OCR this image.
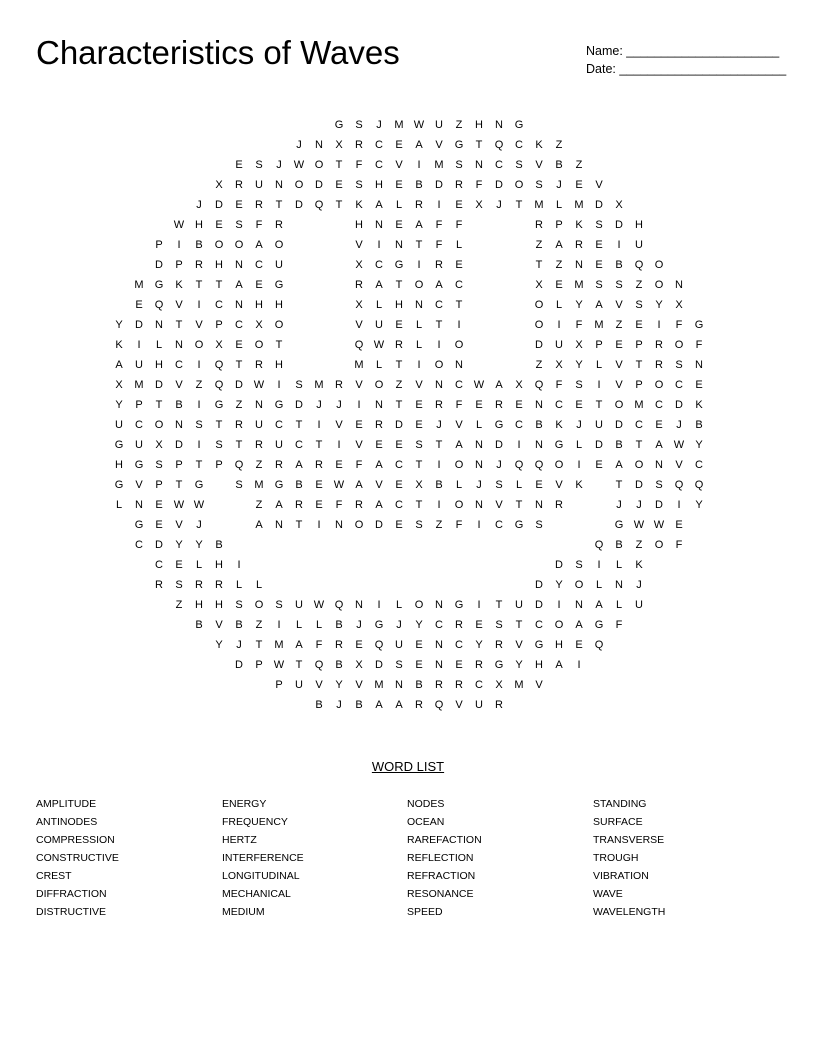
Characteristics of Waves	Name: ______________________
Date: ________________________
G	S	J	M W U	Z	H	N	G
J	N	X	R	C	E	A	V	G	T	Q	C	K	Z
E	S	J	W O	T	F	C	V	I	M	S	N	C	S	V	B	Z
X	R	U	N	O	D	E	S	H	E	B	D	R	F	D	O	S	J	E	V
J	D	E	R	T	D	Q	T	K	A	L	R	I	E	X	J	T	M	L	M	D	X
W H	E	S	F	R	H	N	E	A	F	F	R	P	K	S	D	H
P	I	B	O	O	A	O	V	I	N	T	F	L	Z	A	R	E	I	U
D	P	R	H	N	C	U	X	C	G	I	R	E	T	Z	N	E	B	Q	O
M	G	K	T	T	A	E	G	R	A	T	O	A	C	X	E	M	S	S	Z	O	N
E	Q	V	I	C	N	H	H	X	L	H	N	C	T	O	L	Y	A	V	S	Y	X
Y	D	N	T	V	P	C	X	O	V	U	E	L	T	I	O	I	F	M	Z	E	I	F	G
K	I	L	N	O	X	E	O	T	Q W R	L	I	O	D	U	X	P	E	P	R	O	F
A	U	H	C	I	Q	T	R	H	M	L	T	I	O	N	Z	X	Y	L	V	T	R	S	N
X	M	D	V	Z	Q	D W	I	S	M	R	V	O	Z	V	N	C W	A	X	Q	F	S	I	V	P	O	C	E
Y	P	T	B	I	G	Z	N	G	D	J	J	I	N	T	E	R	F	E	R	E	N	C	E	T	O	M	C	D	K
U	C	O	N	S	T	R	U	C	T	I	V	E	R	D	E	J	V	L	G	C	B	K	J	U	D	C	E	J	B
G	U	X	D	I	S	T	R	U	C	T	I	V	E	E	S	T	A	N	D	I	N	G	L	D	B	T	A	W	Y
H	G	S	P	T	P	Q	Z	R	A	R	E	F	A	C	T	I	O	N	J	Q	Q	O	I	E	A	O	N	V	C
G	V	P	T	G	S	M	G	B	E	W	A	V	E	X	B	L	J	S	L	E	V	K	T	D	S	Q	Q
L	N	E	W W	Z	A	R	E	F	R	A	C	T	I	O	N	V	T	N	R	J	J	D	I	Y
G	E	V	J	A	N	T	I	N	O	D	E	S	Z	F	I	C	G	S	G W W	E
C	D	Y	Y	B	Q	B	Z	O	F
C	E	L	H	I	D	S	I	L	K
R	S	R	R	L	L	D	Y	O	L	N	J
Z	H	H	S	O	S	U W Q	N	I	L	O	N	G	I	T	U	D	I	N	A	L	U
B	V	B	Z	I	L	L	B	J	G	J	Y	C	R	E	S	T	C	O	A	G	F
Y	J	T	M	A	F	R	E	Q	U	E	N	C	Y	R	V	G	H	E	Q
D	P	W	T	Q	B	X	D	S	E	N	E	R	G	Y	H	A	I
P	U	V	Y	V	M	N	B	R	R	C	X	M	V
B	J	B	A	A	R	Q	V	U	R
WORD LIST
AMPLITUDE
ANTINODES
COMPRESSION
CONSTRUCTIVE
CREST
DIFFRACTION
DISTRUCTIVE
ENERGY
FREQUENCY
HERTZ
INTERFERENCE
LONGITUDINAL
MECHANICAL
MEDIUM
NODES
OCEAN
RAREFACTION
REFLECTION
REFRACTION
RESONANCE
SPEED
STANDING
SURFACE
TRANSVERSE
TROUGH
VIBRATION
WAVE
WAVELENGTH
